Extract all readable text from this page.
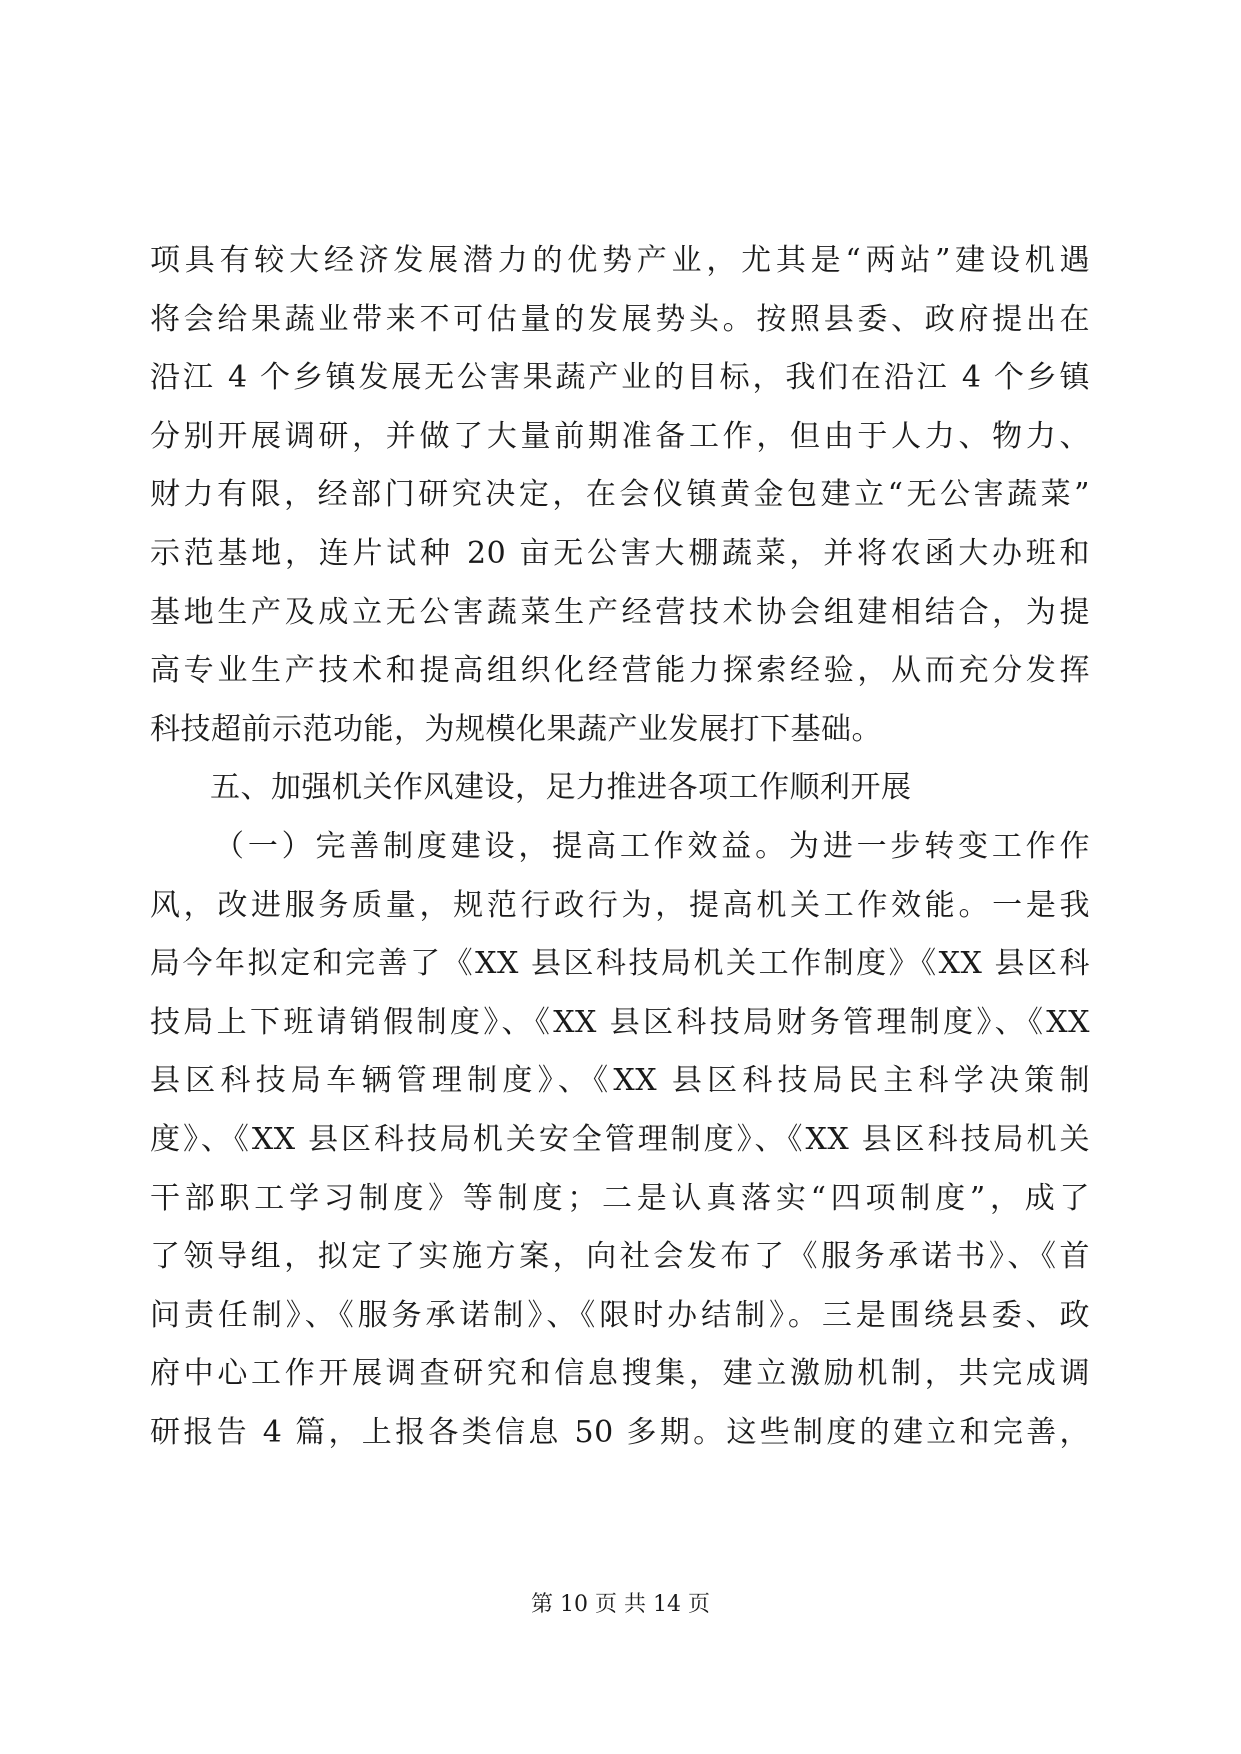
项具有较大经济发展潜力的优势产业，尤其是“两站”建设机遇
将会给果蔬业带来不可估量的发展势头。按照县委、政府提出在
沿江 4 个乡镇发展无公害果蔬产业的目标，我们在沿江 4 个乡镇
分别开展调研，并做了大量前期准备工作，但由于人力、物力、
财力有限，经部门研究决定，在会仪镇黄金包建立“无公害蔬菜”
示范基地，连片试种 20 亩无公害大棚蔬菜，并将农函大办班和
基地生产及成立无公害蔬菜生产经营技术协会组建相结合，为提
高专业生产技术和提高组织化经营能力探索经验，从而充分发挥
科技超前示范功能，为规模化果蔬产业发展打下基础。
五、加强机关作风建设，足力推进各项工作顺利开展
（一）完善制度建设，提高工作效益。为进一步转变工作作
风，改进服务质量，规范行政行为，提高机关工作效能。一是我
局今年拟定和完善了《XX 县区科技局机关工作制度》《XX 县区科
技局上下班请销假制度》、《XX 县区科技局财务管理制度》、《XX
县区科技局车辆管理制度》、《XX 县区科技局民主科学决策制
度》、《XX 县区科技局机关安全管理制度》、《XX 县区科技局机关
干部职工学习制度》等制度；二是认真落实“四项制度”，成了
了领导组，拟定了实施方案，向社会发布了《服务承诺书》、《首
问责任制》、《服务承诺制》、《限时办结制》。三是围绕县委、政
府中心工作开展调查研究和信息搜集，建立激励机制，共完成调
研报告 4 篇，上报各类信息 50 多期。这些制度的建立和完善，
第 10 页 共 14 页
